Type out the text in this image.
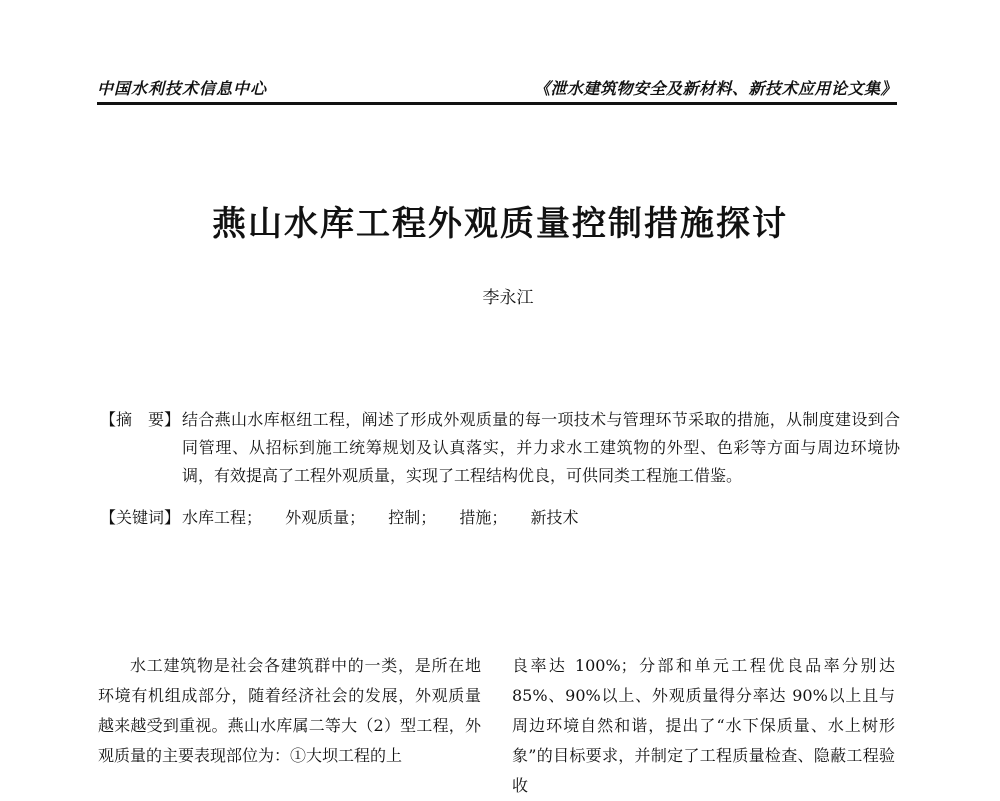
中国水利技术信息中心	《泄水建筑物安全及新材料、新技术应用论文集》
燕山水库工程外观质量控制措施探讨
李永江
【摘　要】 结合燕山水库枢纽工程，阐述了形成外观质量的每一项技术与管理环节采取的措施，从制度建设到合同管理、从招标到施工统筹规划及认真落实，并力求水工建筑物的外型、色彩等方面与周边环境协调，有效提高了工程外观质量，实现了工程结构优良，可供同类工程施工借鉴。
【关键词】 水库工程； 外观质量； 控制； 措施； 新技术
水工建筑物是社会各建筑群中的一类，是所在地环境有机组成部分，随着经济社会的发展，外观质量越来越受到重视。燕山水库属二等大（2）型工程，外观质量的主要表现部位为：①大坝工程的上
良率达 100%；分部和单元工程优良品率分别达 85%、90%以上、外观质量得分率达 90%以上且与周边环境自然和谐，提出了“水下保质量、水上树形象”的目标要求，并制定了工程质量检查、隐蔽工程验收
